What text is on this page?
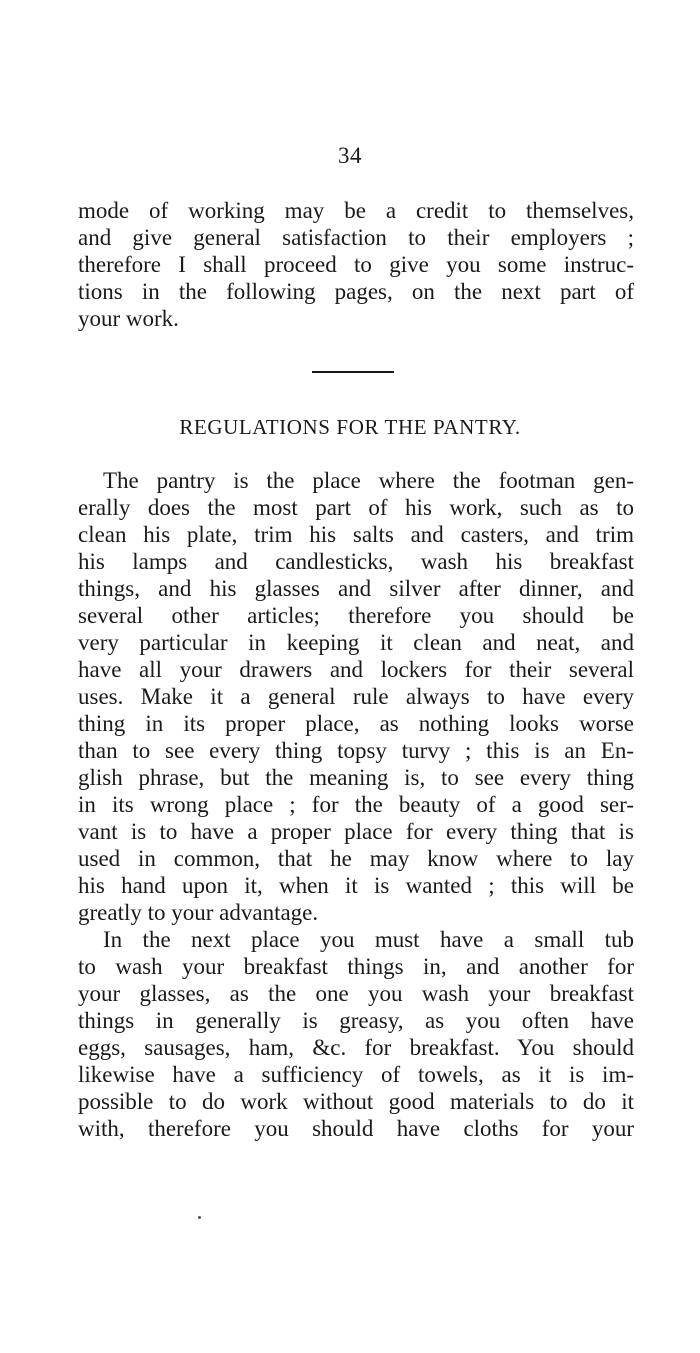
34
mode of working may be a credit to themselves,
and give general satisfaction to their employers ;
therefore I shall proceed to give you some instruc-
tions in the following pages, on the next part of
your work.
REGULATIONS FOR THE PANTRY.
The pantry is the place where the footman gen-
erally does the most part of his work, such as to
clean his plate, trim his salts and casters, and trim
his lamps and candlesticks, wash his breakfast
things, and his glasses and silver after dinner, and
several other articles; therefore you should be
very particular in keeping it clean and neat, and
have all your drawers and lockers for their several
uses. Make it a general rule always to have every
thing in its proper place, as nothing looks worse
than to see every thing topsy turvy ; this is an En-
glish phrase, but the meaning is, to see every thing
in its wrong place ; for the beauty of a good ser-
vant is to have a proper place for every thing that is
used in common, that he may know where to lay
his hand upon it, when it is wanted ; this will be
greatly to your advantage.
In the next place you must have a small tub
to wash your breakfast things in, and another for
your glasses, as the one you wash your breakfast
things in generally is greasy, as you often have
eggs, sausages, ham, &c. for breakfast. You should
likewise have a sufficiency of towels, as it is im-
possible to do work without good materials to do it
with, therefore you should have cloths for your
